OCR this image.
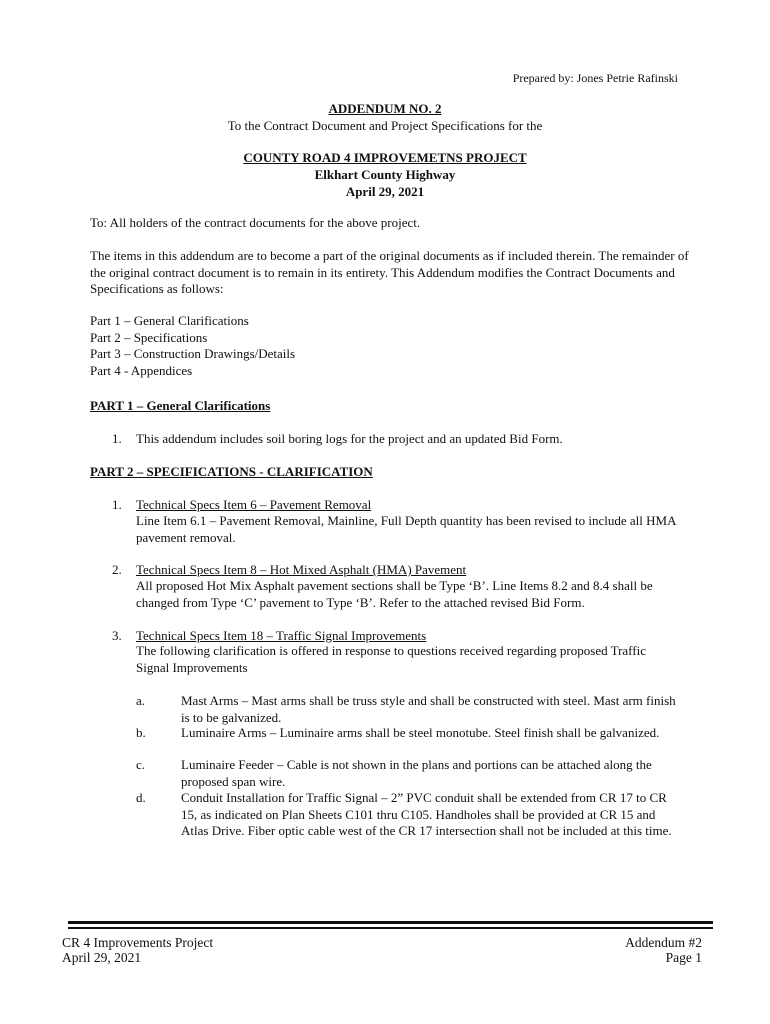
Prepared by: Jones Petrie Rafinski
ADDENDUM NO. 2
To the Contract Document and Project Specifications for the
COUNTY ROAD 4 IMPROVEMETNS PROJECT
Elkhart County Highway
April 29, 2021
To: All holders of the contract documents for the above project.
The items in this addendum are to become a part of the original documents as if included therein. The remainder of the original contract document is to remain in its entirety. This Addendum modifies the Contract Documents and Specifications as follows:
Part 1 – General Clarifications
Part 2 – Specifications
Part 3 – Construction Drawings/Details
Part 4 - Appendices
PART 1 – General Clarifications
1. This addendum includes soil boring logs for the project and an updated Bid Form.
PART 2 – SPECIFICATIONS - CLARIFICATION
1. Technical Specs Item 6 – Pavement Removal
Line Item 6.1 – Pavement Removal, Mainline, Full Depth quantity has been revised to include all HMA pavement removal.
2. Technical Specs Item 8 – Hot Mixed Asphalt (HMA) Pavement
All proposed Hot Mix Asphalt pavement sections shall be Type ‘B’. Line Items 8.2 and 8.4 shall be changed from Type ‘C’ pavement to Type ‘B’. Refer to the attached revised Bid Form.
3. Technical Specs Item 18 – Traffic Signal Improvements
The following clarification is offered in response to questions received regarding proposed Traffic Signal Improvements
a.	Mast Arms – Mast arms shall be truss style and shall be constructed with steel. Mast arm finish is to be galvanized.
b.	Luminaire Arms – Luminaire arms shall be steel monotube. Steel finish shall be galvanized.
c.	Luminaire Feeder – Cable is not shown in the plans and portions can be attached along the proposed span wire.
d.	Conduit Installation for Traffic Signal – 2” PVC conduit shall be extended from CR 17 to CR 15, as indicated on Plan Sheets C101 thru C105. Handholes shall be provided at CR 15 and Atlas Drive. Fiber optic cable west of the CR 17 intersection shall not be included at this time.
CR 4 Improvements Project
April 29, 2021
Addendum #2
Page 1
